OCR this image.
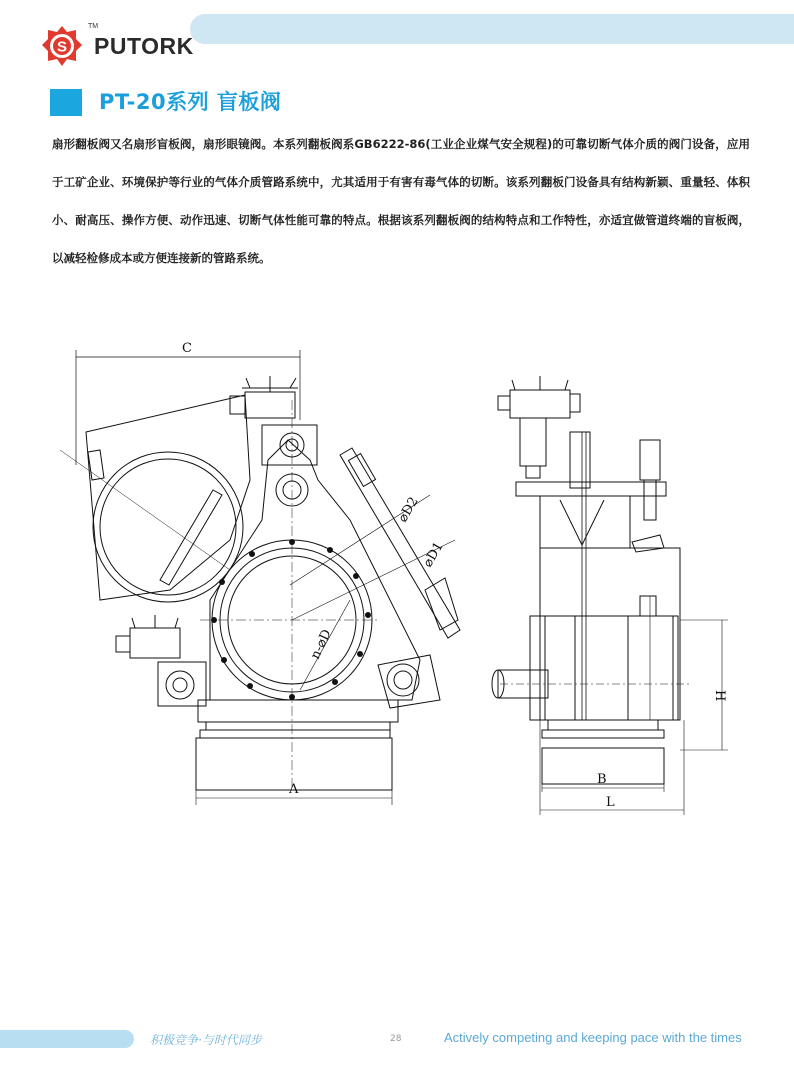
S
TM
PUTORK
PT-20系列 盲板阀
扇形翻板阀又名扇形盲板阀，扇形眼镜阀。本系列翻板阀系GB6222-86(工业企业煤气安全规程)的可靠切断气体介质的阀门设备，应用于工矿企业、环境保护等行业的气体介质管路系统中，尤其适用于有害有毒气体的切断。该系列翻板门设备具有结构新颖、重量轻、体积小、耐高压、操作方便、动作迅速、切断气体性能可靠的特点。根据该系列翻板阀的结构特点和工作特性，亦适宜做管道终端的盲板阀，以减轻检修成本或方便连接新的管路系统。
C
A
⌀D2
⌀D1
n-⌀D
H
B
L
积极竞争·与时代同步	28	Actively competing and keeping pace with the times
